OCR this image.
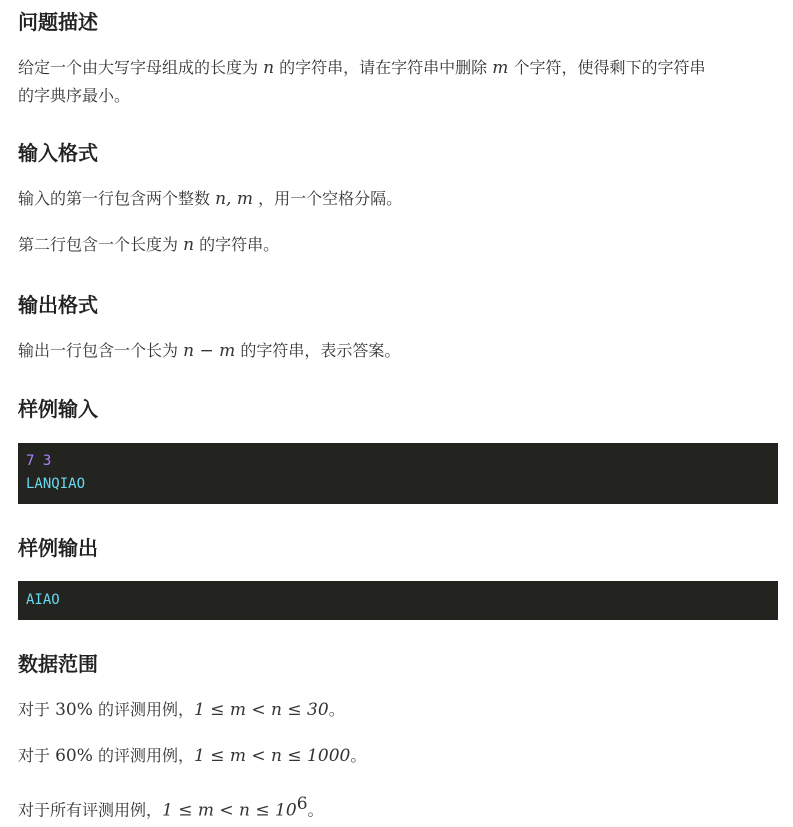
问题描述

给定一个由大写字母组成的长度为 n 的字符串，请在字符串中删除 m 个字符，使得剩下的字符串
的字典序最小。

输入格式

输入的第一行包含两个整数 n, m ，用一个空格分隔。

第二行包含一个长度为 n 的字符串。

输出格式

输出一行包含一个长为 n − m 的字符串，表示答案。

样例输入
7 3
LANQIAO
样例输出
AIAO
数据范围

对于 30% 的评测用例，1 ≤ m < n ≤ 30。

对于 60% 的评测用例，1 ≤ m < n ≤ 1000。

对于所有评测用例，$1 \le m < n \le 10^6$。
